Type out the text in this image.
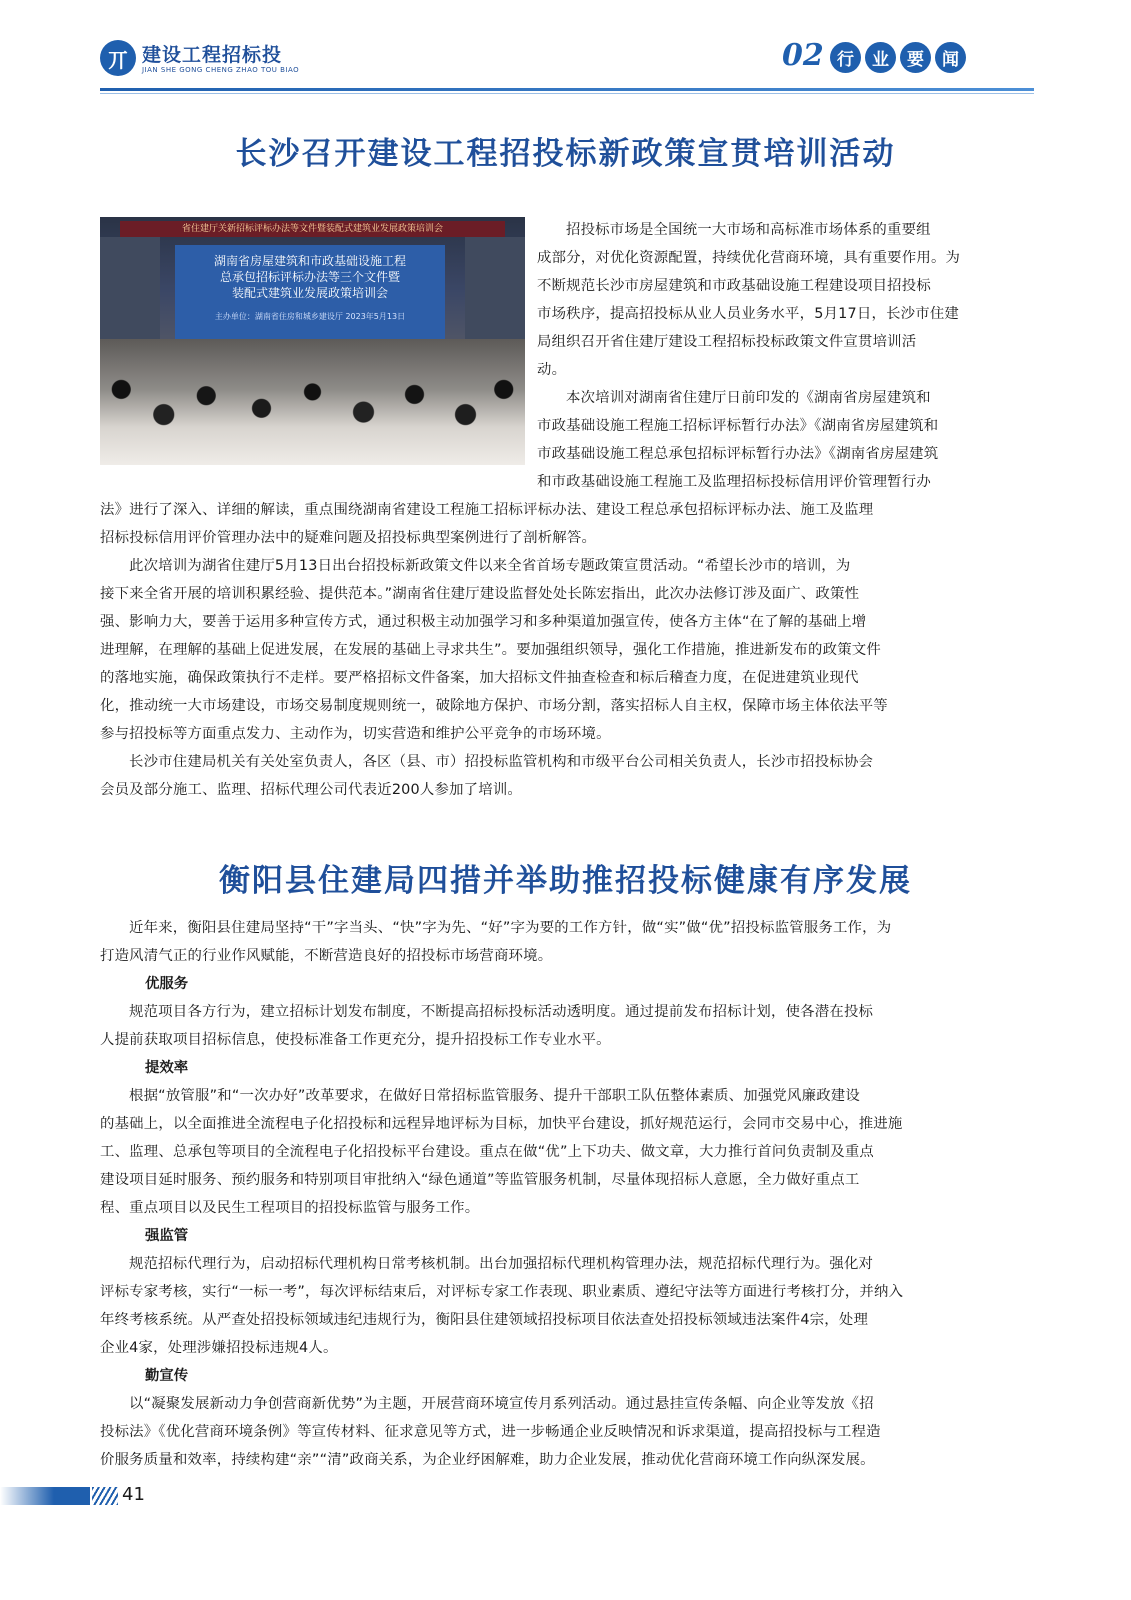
丌 建设工程招标投
JIAN SHE GONG CHENG ZHAO TOU BIAO	02 行	业	要	闻
长沙召开建设工程招投标新政策宣贯培训活动
省住建厅关新招标评标办法等文件暨装配式建筑业发展政策培训会
湖南省房屋建筑和市政基础设施工程
总承包招标评标办法等三个文件暨
装配式建筑业发展政策培训会
主办单位：湖南省住房和城乡建设厅 2023年5月13日
招投标市场是全国统一大市场和高标准市场体系的重要组
成部分，对优化资源配置，持续优化营商环境，具有重要作用。为
不断规范长沙市房屋建筑和市政基础设施工程建设项目招投标
市场秩序，提高招投标从业人员业务水平，5月17日，长沙市住建
局组织召开省住建厅建设工程招标投标政策文件宣贯培训活
动。
本次培训对湖南省住建厅日前印发的《湖南省房屋建筑和
市政基础设施工程施工招标评标暂行办法》《湖南省房屋建筑和
市政基础设施工程总承包招标评标暂行办法》《湖南省房屋建筑
和市政基础设施工程施工及监理招标投标信用评价管理暂行办
法》进行了深入、详细的解读，重点围绕湖南省建设工程施工招标评标办法、建设工程总承包招标评标办法、施工及监理
招标投标信用评价管理办法中的疑难问题及招投标典型案例进行了剖析解答。
此次培训为湖省住建厅5月13日出台招投标新政策文件以来全省首场专题政策宣贯活动。“希望长沙市的培训，为
接下来全省开展的培训积累经验、提供范本。”湖南省住建厅建设监督处处长陈宏指出，此次办法修订涉及面广、政策性
强、影响力大，要善于运用多种宣传方式，通过积极主动加强学习和多种渠道加强宣传，使各方主体“在了解的基础上增
进理解，在理解的基础上促进发展，在发展的基础上寻求共生”。要加强组织领导，强化工作措施，推进新发布的政策文件
的落地实施，确保政策执行不走样。要严格招标文件备案，加大招标文件抽查检查和标后稽查力度，在促进建筑业现代
化，推动统一大市场建设，市场交易制度规则统一，破除地方保护、市场分割，落实招标人自主权，保障市场主体依法平等
参与招投标等方面重点发力、主动作为，切实营造和维护公平竞争的市场环境。
长沙市住建局机关有关处室负责人，各区（县、市）招投标监管机构和市级平台公司相关负责人，长沙市招投标协会
会员及部分施工、监理、招标代理公司代表近200人参加了培训。
衡阳县住建局四措并举助推招投标健康有序发展
近年来，衡阳县住建局坚持“干”字当头、“快”字为先、“好”字为要的工作方针，做“实”做“优”招投标监管服务工作，为
打造风清气正的行业作风赋能，不断营造良好的招投标市场营商环境。
优服务
规范项目各方行为，建立招标计划发布制度，不断提高招标投标活动透明度。通过提前发布招标计划，使各潜在投标
人提前获取项目招标信息，使投标准备工作更充分，提升招投标工作专业水平。
提效率
根据“放管服”和“一次办好”改革要求，在做好日常招标监管服务、提升干部职工队伍整体素质、加强党风廉政建设
的基础上，以全面推进全流程电子化招投标和远程异地评标为目标，加快平台建设，抓好规范运行，会同市交易中心，推进施
工、监理、总承包等项目的全流程电子化招投标平台建设。重点在做“优”上下功夫、做文章，大力推行首问负责制及重点
建设项目延时服务、预约服务和特别项目审批纳入“绿色通道”等监管服务机制，尽量体现招标人意愿，全力做好重点工
程、重点项目以及民生工程项目的招投标监管与服务工作。
强监管
规范招标代理行为，启动招标代理机构日常考核机制。出台加强招标代理机构管理办法，规范招标代理行为。强化对
评标专家考核，实行“一标一考”，每次评标结束后，对评标专家工作表现、职业素质、遵纪守法等方面进行考核打分，并纳入
年终考核系统。从严查处招投标领域违纪违规行为，衡阳县住建领域招投标项目依法查处招投标领域违法案件4宗，处理
企业4家，处理涉嫌招投标违规4人。
勤宣传
以“凝聚发展新动力争创营商新优势”为主题，开展营商环境宣传月系列活动。通过悬挂宣传条幅、向企业等发放《招
投标法》《优化营商环境条例》等宣传材料、征求意见等方式，进一步畅通企业反映情况和诉求渠道，提高招投标与工程造
价服务质量和效率，持续构建“亲”“清”政商关系，为企业纾困解难，助力企业发展，推动优化营商环境工作向纵深发展。
41
